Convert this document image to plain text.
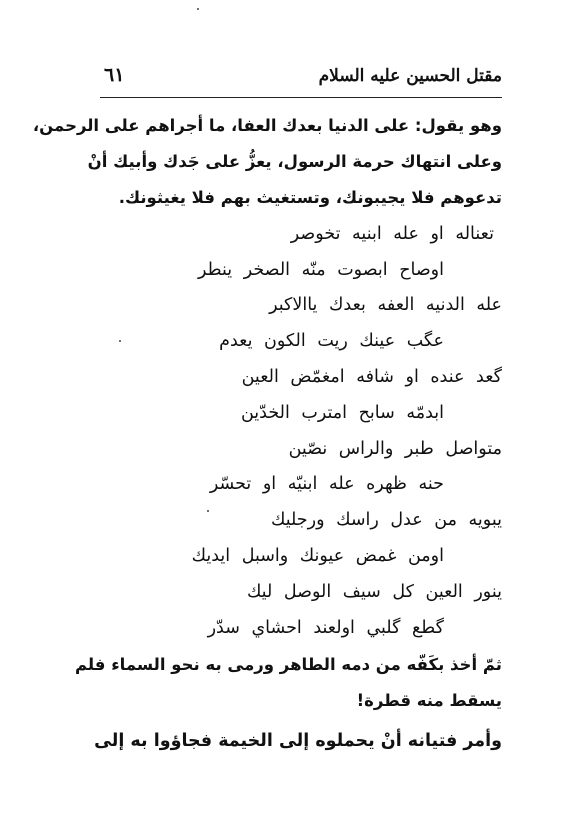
مقتل الحسين عليه السلام
٦١
وهو يقول: على الدنيا بعدك العفا، ما أجراهم على الرحمن،
وعلى انتهاك حرمة الرسول، يعزُّ على جَدك وأبيك أنْ
تدعوهم فلا يجيبونك، وتستغيث بهم فلا يغيثونك.
تعناله او عله ابنيه تخوصر
اوصاح ابصوت منّه الصخر ينطر
عله الدنيه العفه بعدك ياالاكبر
عگب عينك ريت الكون يعدم
گعد عنده او شافه امغمّض العين
ابدمّه سابح امترب الخدّين
متواصل طبر والراس نصّين
حنه ظهره عله ابنيّه او تحسّر
يبويه من عدل راسك ورجليك
اومن غمض عيونك واسبل ايديك
ينور العين كل سيف الوصل ليك
گطع گلبي اولعند احشاي سدّر
ثمّ أخذ بكَفّه من دمه الطاهر ورمى به نحو السماء فلم
يسقط منه قطرة!
وأمر فتيانه أنْ يحملوه إلى الخيمة فجاؤوا به إلى
